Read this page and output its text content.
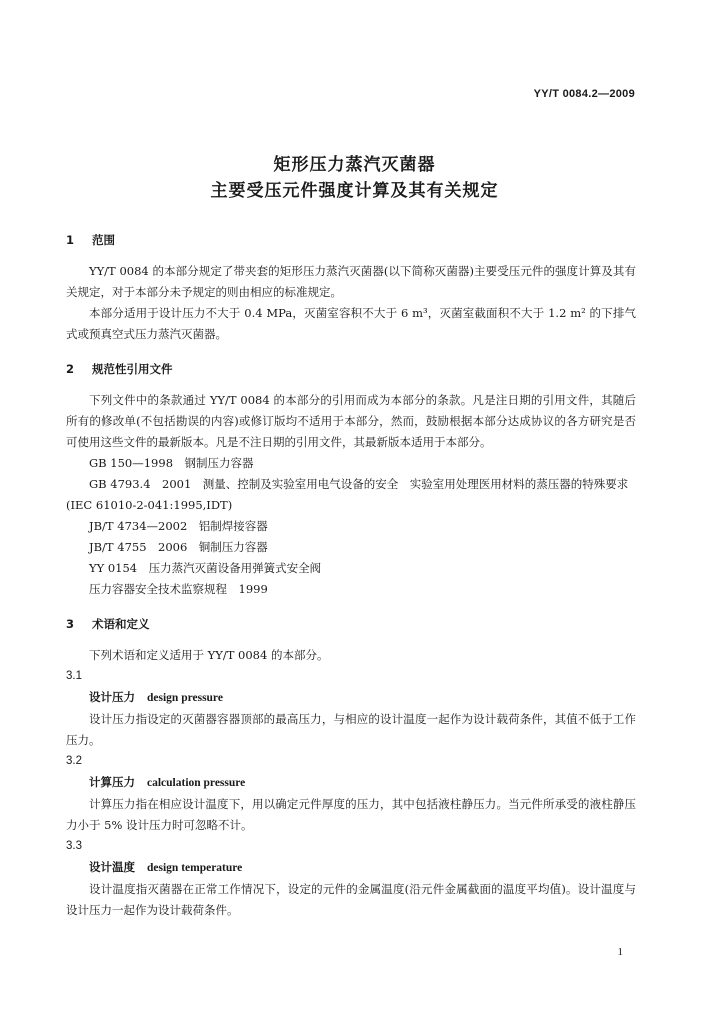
YY/T 0084.2—2009
矩形压力蒸汽灭菌器
主要受压元件强度计算及其有关规定
1 范围

YY/T 0084 的本部分规定了带夹套的矩形压力蒸汽灭菌器(以下简称灭菌器)主要受压元件的强度计算及其有关规定，对于本部分未予规定的则由相应的标准规定。

本部分适用于设计压力不大于 0.4 MPa，灭菌室容积不大于 6 m³，灭菌室截面积不大于 1.2 m² 的下排气式或预真空式压力蒸汽灭菌器。

2 规范性引用文件

下列文件中的条款通过 YY/T 0084 的本部分的引用而成为本部分的条款。凡是注日期的引用文件，其随后所有的修改单(不包括勘误的内容)或修订版均不适用于本部分，然而，鼓励根据本部分达成协议的各方研究是否可使用这些文件的最新版本。凡是不注日期的引用文件，其最新版本适用于本部分。

GB 150—1998　钢制压力容器

GB 4793.4　2001　测量、控制及实验室用电气设备的安全　实验室用处理医用材料的蒸压器的特殊要求(IEC 61010-2-041:1995,IDT)

JB/T 4734—2002　铝制焊接容器

JB/T 4755　2006　铜制压力容器

YY 0154　压力蒸汽灭菌设备用弹簧式安全阀

压力容器安全技术监察规程　1999

3 术语和定义

下列术语和定义适用于 YY/T 0084 的本部分。

3.1

设计压力 design pressure

设计压力指设定的灭菌器容器顶部的最高压力，与相应的设计温度一起作为设计载荷条件，其值不低于工作压力。

3.2

计算压力 calculation pressure

计算压力指在相应设计温度下，用以确定元件厚度的压力，其中包括液柱静压力。当元件所承受的液柱静压力小于 5% 设计压力时可忽略不计。

3.3

设计温度 design temperature

设计温度指灭菌器在正常工作情况下，设定的元件的金属温度(沿元件金属截面的温度平均值)。设计温度与设计压力一起作为设计载荷条件。

1
